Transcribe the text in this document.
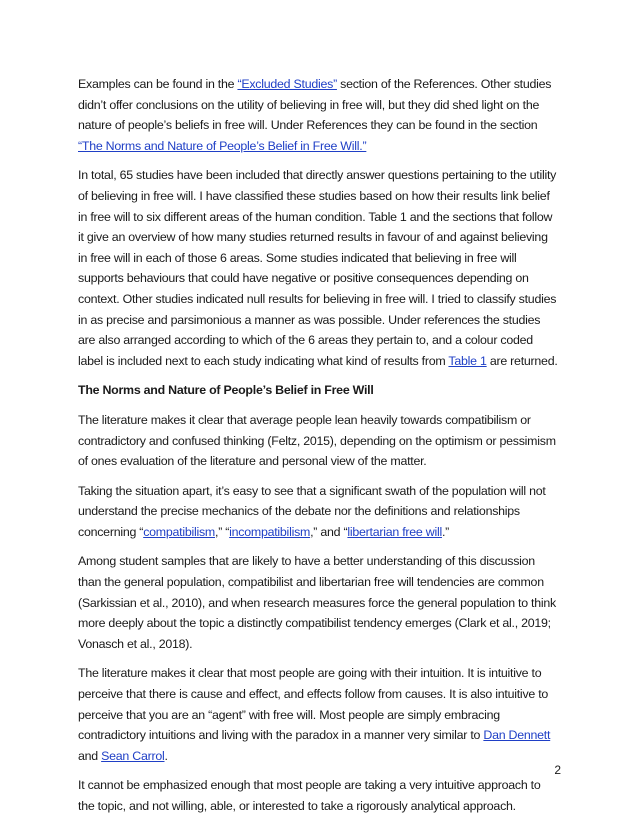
Examples can be found in the “Excluded Studies” section of the References. Other studies didn’t offer conclusions on the utility of believing in free will, but they did shed light on the nature of people’s beliefs in free will. Under References they can be found in the section “The Norms and Nature of People’s Belief in Free Will.”

In total, 65 studies have been included that directly answer questions pertaining to the utility of believing in free will. I have classified these studies based on how their results link belief in free will to six different areas of the human condition. Table 1 and the sections that follow it give an overview of how many studies returned results in favour of and against believing in free will in each of those 6 areas. Some studies indicated that believing in free will supports behaviours that could have negative or positive consequences depending on context. Other studies indicated null results for believing in free will. I tried to classify studies in as precise and parsimonious a manner as was possible. Under references the studies are also arranged according to which of the 6 areas they pertain to, and a colour coded label is included next to each study indicating what kind of results from Table 1 are returned.

The Norms and Nature of People’s Belief in Free Will

The literature makes it clear that average people lean heavily towards compatibilism or contradictory and confused thinking (Feltz, 2015), depending on the optimism or pessimism of ones evaluation of the literature and personal view of the matter.

Taking the situation apart, it’s easy to see that a significant swath of the population will not understand the precise mechanics of the debate nor the definitions and relationships concerning “compatibilism,” “incompatibilism,” and “libertarian free will.”

Among student samples that are likely to have a better understanding of this discussion than the general population, compatibilist and libertarian free will tendencies are common (Sarkissian et al., 2010), and when research measures force the general population to think more deeply about the topic a distinctly compatibilist tendency emerges (Clark et al., 2019; Vonasch et al., 2018).

The literature makes it clear that most people are going with their intuition. It is intuitive to perceive that there is cause and effect, and effects follow from causes. It is also intuitive to perceive that you are an “agent” with free will. Most people are simply embracing contradictory intuitions and living with the paradox in a manner very similar to Dan Dennett and Sean Carrol.

It cannot be emphasized enough that most people are taking a very intuitive approach to the topic, and not willing, able, or interested to take a rigorously analytical approach.

2
